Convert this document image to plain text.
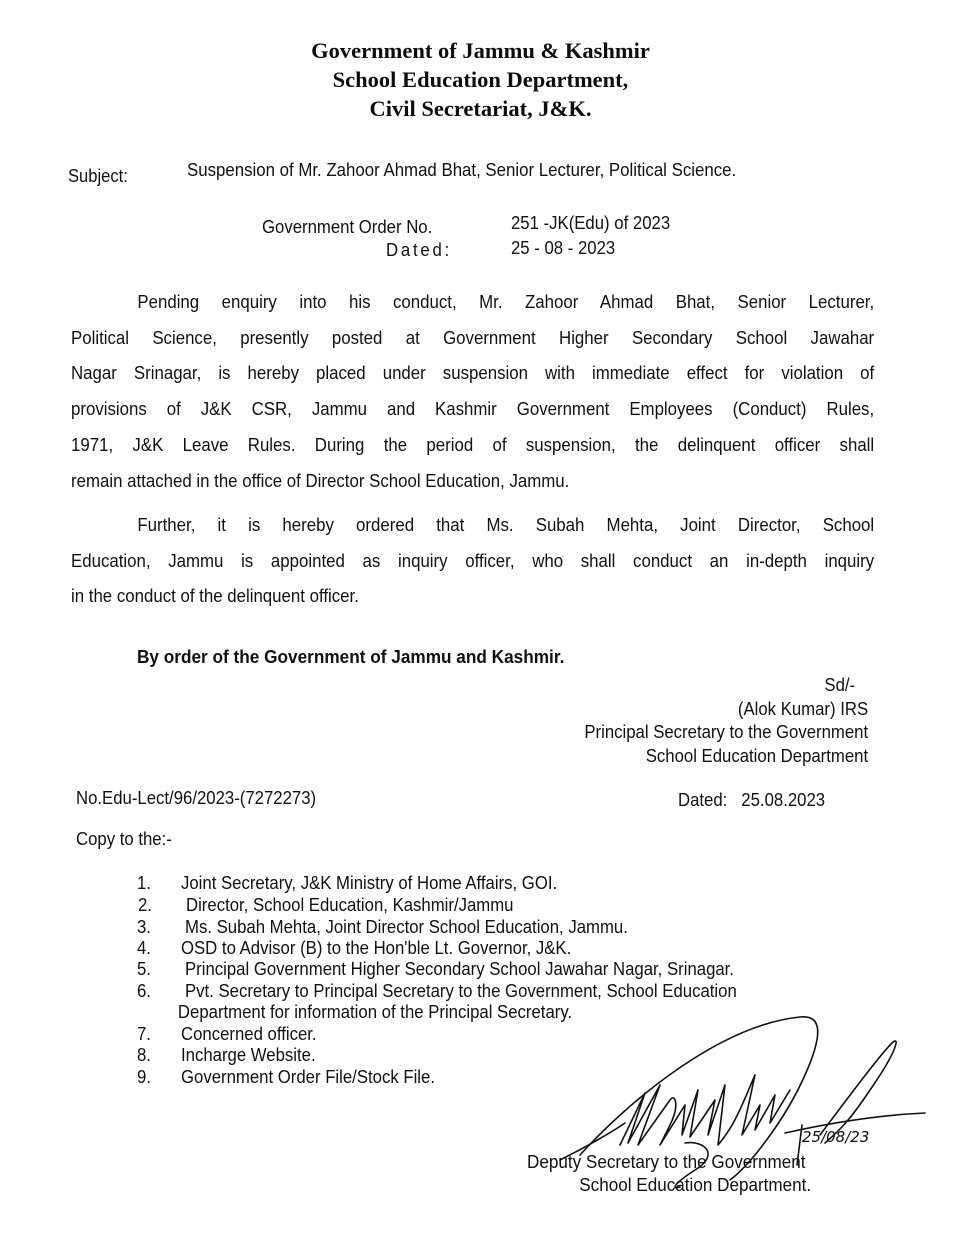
Government of Jammu & Kashmir
School Education Department,
Civil Secretariat, J&K.
Subject:	Suspension of Mr. Zahoor Ahmad Bhat, Senior Lecturer, Political Science.
Government Order No.	251 -JK(Edu) of 2023
Dated:	25 - 08 - 2023
Pending enquiry into his conduct, Mr. Zahoor Ahmad Bhat, Senior Lecturer,
Political Science, presently posted at Government Higher Secondary School Jawahar
Nagar Srinagar, is hereby placed under suspension with immediate effect for violation of
provisions of J&K CSR, Jammu and Kashmir Government Employees (Conduct) Rules,
1971, J&K Leave Rules. During the period of suspension, the delinquent officer shall
remain attached in the office of Director School Education, Jammu.
Further, it is hereby ordered that Ms. Subah Mehta, Joint Director, School
Education, Jammu is appointed as inquiry officer, who shall conduct an in-depth inquiry
in the conduct of the delinquent officer.
By order of the Government of Jammu and Kashmir.
Sd/-
(Alok Kumar) IRS
Principal Secretary to the Government
School Education Department
No.Edu-Lect/96/2023-(7272273)	Dated: 25.08.2023
Copy to the:-
1. Joint Secretary, J&K Ministry of Home Affairs, GOI.
2. Director, School Education, Kashmir/Jammu
3. Ms. Subah Mehta, Joint Director School Education, Jammu.
4. OSD to Advisor (B) to the Hon'ble Lt. Governor, J&K.
5. Principal Government Higher Secondary School Jawahar Nagar, Srinagar.
6. Pvt. Secretary to Principal Secretary to the Government, School Education
Department for information of the Principal Secretary.
7. Concerned officer.
8. Incharge Website.
9. Government Order File/Stock File.
25/08/23
Deputy Secretary to the Government
School Education Department.
